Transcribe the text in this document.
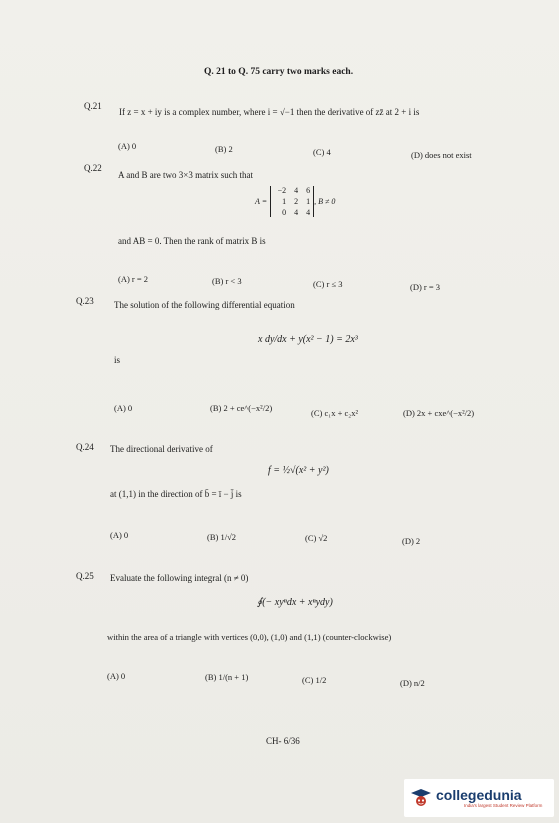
Q. 21 to Q. 75 carry two marks each.
Q.21
If z = x + iy is a complex number, where i = √−1 then the derivative of zz̄ at 2 + i is
(A) 0	(B) 2	(C) 4	(D) does not exist
Q.22
A and B are two 3×3 matrix such that
A =
−2	4	6
1	2	1
0	4	4
, B ≠ 0
and AB = 0. Then the rank of matrix B is
(A) r = 2	(B) r < 3	(C) r ≤ 3	(D) r = 3
Q.23 The solution of the following differential equation
x dy/dx + y(x² − 1) = 2x³
is
(A) 0	(B) 2 + ce^(−x²/2)	(C) c₁x + c₂x²	(D) 2x + cxe^(−x²/2)
Q.24 The directional derivative of
f = ½√(x² + y²)
at (1,1) in the direction of b̄ = ī − j̄ is
(A) 0	(B) 1/√2	(C) √2	(D) 2
Q.25 Evaluate the following integral (n ≠ 0)
∮(− xyⁿdx + xⁿydy)
within the area of a triangle with vertices (0,0), (1,0) and (1,1) (counter-clockwise)
(A) 0	(B) 1/(n + 1)	(C) 1/2	(D) n/2
CH- 6/36
collegedunia
India's largest Student Review Platform
